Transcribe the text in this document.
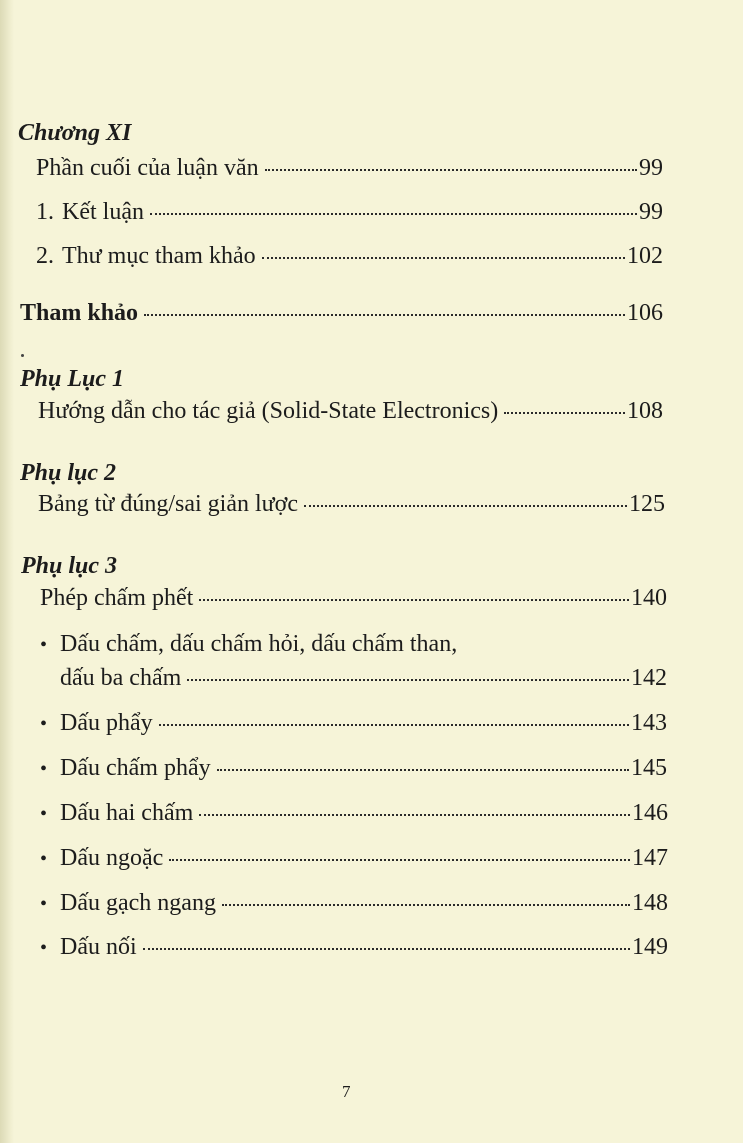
Chương XI
Phần cuối của luận văn	99
1. Kết luận	99
2. Thư mục tham khảo	102
Tham khảo	106
Phụ Lục 1
Hướng dẫn cho tác giả (Solid-State Electronics)	108
Phụ lục 2
Bảng từ đúng/sai giản lược	125
Phụ lục 3
Phép chấm phết	140
• Dấu chấm, dấu chấm hỏi, dấu chấm than,
dấu ba chấm	142
• Dấu phẩy	143
• Dấu chấm phẩy	145
• Dấu hai chấm	146
• Dấu ngoặc	147
• Dấu gạch ngang	148
• Dấu nối	149
7
